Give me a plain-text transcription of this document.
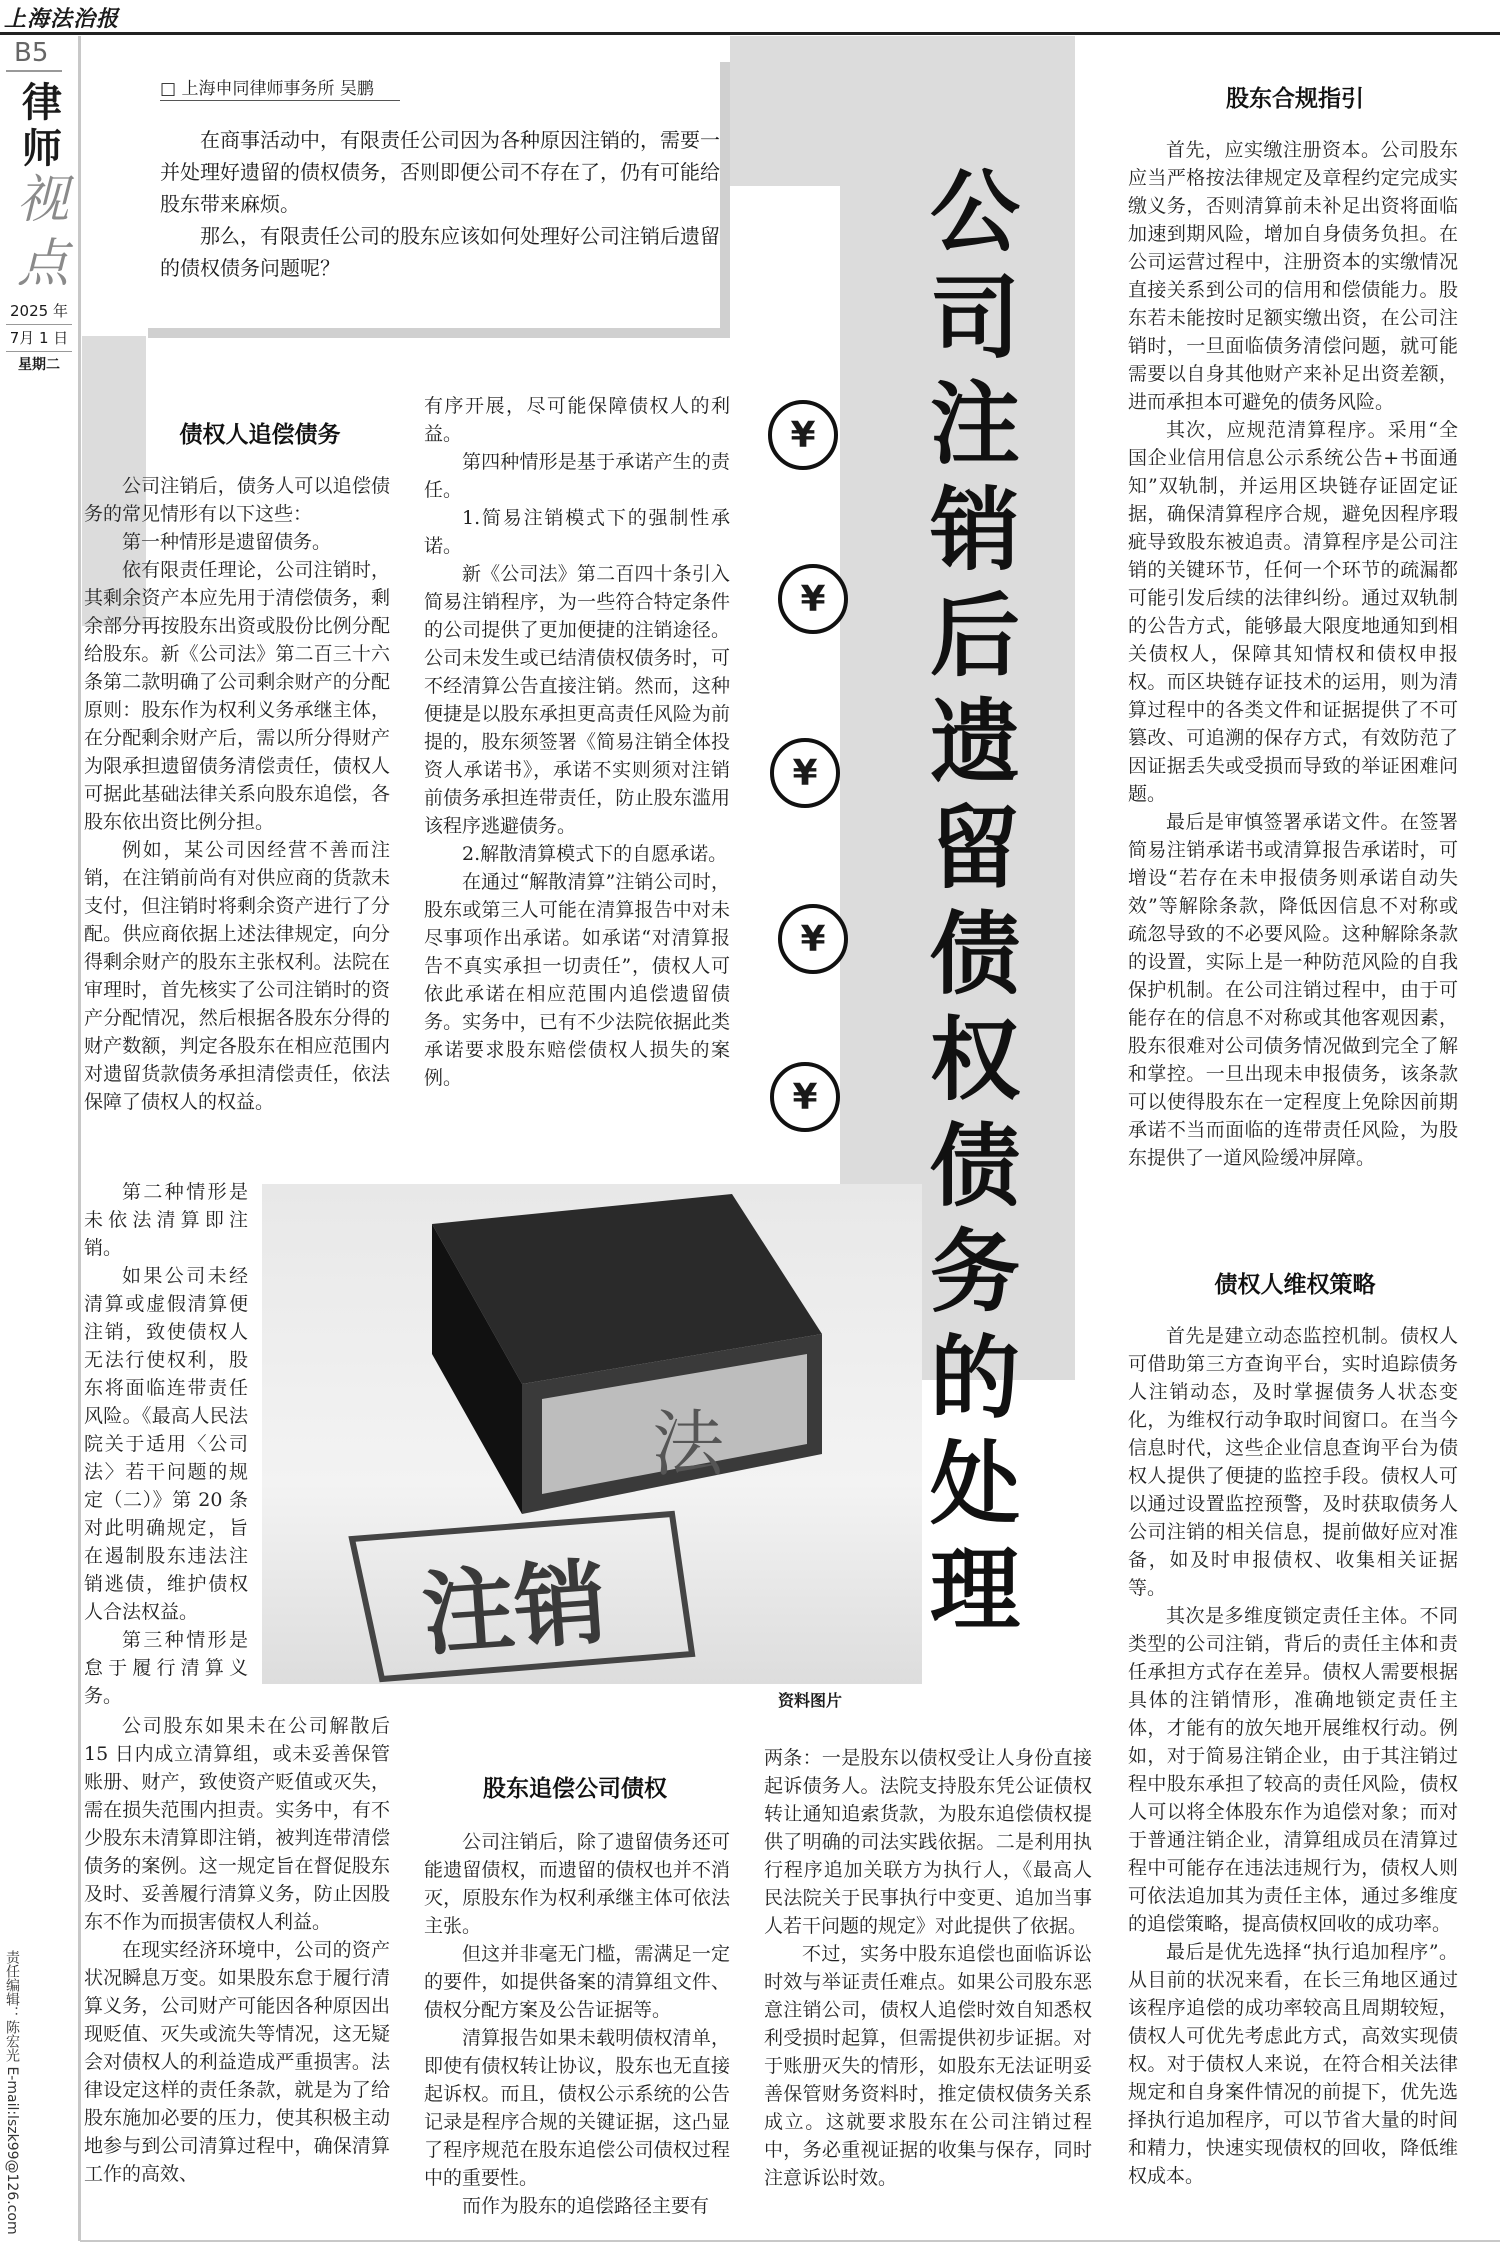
上海法治报
B5
律师
视点
2025 年
7月 1 日
星期二
责任编辑：陈宏光 E-mail:lszk99@126.com
□ 上海申同律师事务所 吴鹏

在商事活动中，有限责任公司因为各种原因注销的，需要一并处理好遗留的债权债务，否则即便公司不存在了，仍有可能给股东带来麻烦。

那么，有限责任公司的股东应该如何处理好公司注销后遗留的债权债务问题呢？

公司注销后遗留债权债务的处理
¥
¥
¥
¥
¥
债权人追偿债务

公司注销后，债务人可以追偿债务的常见情形有以下这些：

第一种情形是遗留债务。

依有限责任理论，公司注销时，其剩余资产本应先用于清偿债务，剩余部分再按股东出资或股份比例分配给股东。新《公司法》第二百三十六条第二款明确了公司剩余财产的分配原则：股东作为权利义务承继主体，在分配剩余财产后，需以所分得财产为限承担遗留债务清偿责任，债权人可据此基础法律关系向股东追偿，各股东依出资比例分担。

例如，某公司因经营不善而注销，在注销前尚有对供应商的货款未支付，但注销时将剩余资产进行了分配。供应商依据上述法律规定，向分得剩余财产的股东主张权利。法院在审理时，首先核实了公司注销时的资产分配情况，然后根据各股东分得的财产数额，判定各股东在相应范围内对遗留货款债务承担清偿责任，依法保障了债权人的权益。

第二种情形是未依法清算即注销。

如果公司未经清算或虚假清算便注销，致使债权人无法行使权利，股东将面临连带责任风险。《最高人民法院关于适用〈公司法〉若干问题的规定（二）》第 20 条对此明确规定，旨在遏制股东违法注销逃债，维护债权人合法权益。

第三种情形是怠于履行清算义务。

公司股东如果未在公司解散后 15 日内成立清算组，或未妥善保管账册、财产，致使资产贬值或灭失，需在损失范围内担责。实务中，有不少股东未清算即注销，被判连带清偿债务的案例。这一规定旨在督促股东及时、妥善履行清算义务，防止因股东不作为而损害债权人利益。

在现实经济环境中，公司的资产状况瞬息万变。如果股东怠于履行清算义务，公司财产可能因各种原因出现贬值、灭失或流失等情况，这无疑会对债权人的利益造成严重损害。法律设定这样的责任条款，就是为了给股东施加必要的压力，使其积极主动地参与到公司清算过程中，确保清算工作的高效、

有序开展，尽可能保障债权人的利益。

第四种情形是基于承诺产生的责任。

1.简易注销模式下的强制性承诺。

新《公司法》第二百四十条引入简易注销程序，为一些符合特定条件的公司提供了更加便捷的注销途径。公司未发生或已结清债权债务时，可不经清算公告直接注销。然而，这种便捷是以股东承担更高责任风险为前提的，股东须签署《简易注销全体投资人承诺书》，承诺不实则须对注销前债务承担连带责任，防止股东滥用该程序逃避债务。

2.解散清算模式下的自愿承诺。

在通过“解散清算”注销公司时，股东或第三人可能在清算报告中对未尽事项作出承诺。如承诺“对清算报告不真实承担一切责任”，债权人可依此承诺在相应范围内追偿遗留债务。实务中，已有不少法院依据此类承诺要求股东赔偿债权人损失的案例。

法
注销
资料图片
股东追偿公司债权

公司注销后，除了遗留债务还可能遗留债权，而遗留的债权也并不消灭，原股东作为权利承继主体可依法主张。

但这并非毫无门槛，需满足一定的要件，如提供备案的清算组文件、债权分配方案及公告证据等。

清算报告如果未载明债权清单，即使有债权转让协议，股东也无直接起诉权。而且，债权公示系统的公告记录是程序合规的关键证据，这凸显了程序规范在股东追偿公司债权过程中的重要性。

而作为股东的追偿路径主要有

两条：一是股东以债权受让人身份直接起诉债务人。法院支持股东凭公证债权转让通知追索货款，为股东追偿债权提供了明确的司法实践依据。二是利用执行程序追加关联方为执行人，《最高人民法院关于民事执行中变更、追加当事人若干问题的规定》对此提供了依据。

不过，实务中股东追偿也面临诉讼时效与举证责任难点。如果公司股东恶意注销公司，债权人追偿时效自知悉权利受损时起算，但需提供初步证据。对于账册灭失的情形，如股东无法证明妥善保管财务资料时，推定债权债务关系成立。这就要求股东在公司注销过程中，务必重视证据的收集与保存，同时注意诉讼时效。

股东合规指引

首先，应实缴注册资本。公司股东应当严格按法律规定及章程约定完成实缴义务，否则清算前未补足出资将面临加速到期风险，增加自身债务负担。在公司运营过程中，注册资本的实缴情况直接关系到公司的信用和偿债能力。股东若未能按时足额实缴出资，在公司注销时，一旦面临债务清偿问题，就可能需要以自身其他财产来补足出资差额，进而承担本可避免的债务风险。

其次，应规范清算程序。采用“全国企业信用信息公示系统公告+书面通知”双轨制，并运用区块链存证固定证据，确保清算程序合规，避免因程序瑕疵导致股东被追责。清算程序是公司注销的关键环节，任何一个环节的疏漏都可能引发后续的法律纠纷。通过双轨制的公告方式，能够最大限度地通知到相关债权人，保障其知情权和债权申报权。而区块链存证技术的运用，则为清算过程中的各类文件和证据提供了不可篡改、可追溯的保存方式，有效防范了因证据丢失或受损而导致的举证困难问题。

最后是审慎签署承诺文件。在签署简易注销承诺书或清算报告承诺时，可增设“若存在未申报债务则承诺自动失效”等解除条款，降低因信息不对称或疏忽导致的不必要风险。这种解除条款的设置，实际上是一种防范风险的自我保护机制。在公司注销过程中，由于可能存在的信息不对称或其他客观因素，股东很难对公司债务情况做到完全了解和掌控。一旦出现未申报债务，该条款可以使得股东在一定程度上免除因前期承诺不当而面临的连带责任风险，为股东提供了一道风险缓冲屏障。

债权人维权策略

首先是建立动态监控机制。债权人可借助第三方查询平台，实时追踪债务人注销动态，及时掌握债务人状态变化，为维权行动争取时间窗口。在当今信息时代，这些企业信息查询平台为债权人提供了便捷的监控手段。债权人可以通过设置监控预警，及时获取债务人公司注销的相关信息，提前做好应对准备，如及时申报债权、收集相关证据等。

其次是多维度锁定责任主体。不同类型的公司注销，背后的责任主体和责任承担方式存在差异。债权人需要根据具体的注销情形，准确地锁定责任主体，才能有的放矢地开展维权行动。例如，对于简易注销企业，由于其注销过程中股东承担了较高的责任风险，债权人可以将全体股东作为追偿对象；而对于普通注销企业，清算组成员在清算过程中可能存在违法违规行为，债权人则可依法追加其为责任主体，通过多维度的追偿策略，提高债权回收的成功率。

最后是优先选择“执行追加程序”。从目前的状况来看，在长三角地区通过该程序追偿的成功率较高且周期较短，债权人可优先考虑此方式，高效实现债权。对于债权人来说，在符合相关法律规定和自身案件情况的前提下，优先选择执行追加程序，可以节省大量的时间和精力，快速实现债权的回收，降低维权成本。
